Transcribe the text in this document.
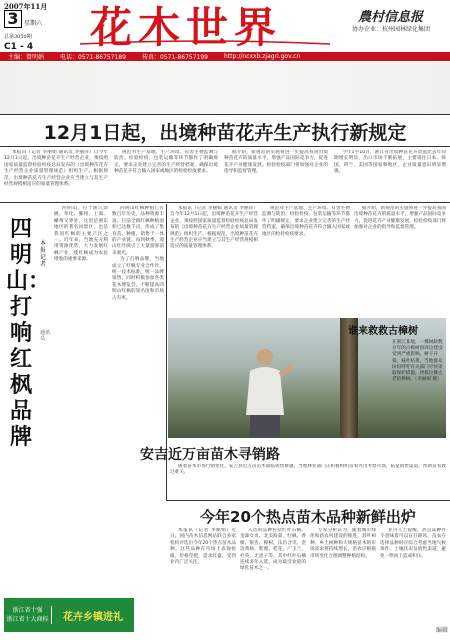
2007年11月
3 星期六
总第3050期
C1 - 4 花木世界	農村信息报
协办企业：杭州园林绿化集团
主编：曾明娟	电话：0571-86757189	传真：0571-86757199	http://ncxxb.zjagri.gov.cn
12月1日起，出境种苗花卉生产执行新规定

本报讯（记者 李丽娟 通讯员 李丽萍）自今年12月1日起，出境种苗花卉生产经营企业，须按照国家质量监督检验检疫总局发布的《出境种苗花卉生产经营企业质量管理规范》组织生产。根据规范，出境种苗花卉生产经营企业应当建立与其生产经营规模相适应的质量管理体系。

规范对生产基地、生产环境、有害生物监测与防治、检验检疫、包装运输等环节都作了明确规定，要求企业建立完善的生产经营档案，确保出境种苗花卉符合输入国家或地区的检验检疫要求。

据介绍，新规范的实施将进一步提高我国出境种苗花卉的质量水平，增强产品国际竞争力，促进花卉产业健康发展。检验检疫部门将加强对企业的指导和监督管理。

今年1至10月，浙江省出境种苗花卉货值比去年同期增长明显，出口市场不断拓展，主要销往日本、韩国、荷兰、美国等国家和地区，企业质量意识明显增强。

四明山：打响红枫品牌
本报记者
通讯员

四明山，位于浙江余姚、奉化、鄞州、上虞、嵊州交界处，这里是浙东地区的著名风景区，也是我国红枫的主要产区之一。近年来，当地充分利用资源优势，大力发展红枫产业，使红枫成为农民增收的重要来源。

四明山红枫种植已有数百年历史，品种资源丰富。目前全镇红枫种植面积已达数千亩，形成了集育苗、种植、销售于一体的产业链。每到秋季，漫山红叶吸引了大量游客前来观光。

为了打响品牌，当地成立了红枫专业合作社，统一技术标准，统一品牌销售。同时积极参加各类花木博览会，不断提高四明山红枫的知名度和市场占有率。

本报讯（记者 李丽娟 通讯员 李丽萍）自今年12月1日起，出境种苗花卉生产经营企业，须按照国家质量监督检验检疫总局发布的《出境种苗花卉生产经营企业质量管理规范》组织生产。根据规范，出境种苗花卉生产经营企业应当建立与其生产经营规模相适应的质量管理体系。

规范对生产基地、生产环境、有害生物监测与防治、检验检疫、包装运输等环节都作了明确规定，要求企业建立完善的生产经营档案，确保出境种苗花卉符合输入国家或地区的检验检疫要求。

据介绍，新规范的实施将进一步提高我国出境种苗花卉的质量水平，增强产品国际竞争力，促进花卉产业健康发展。检验检疫部门将加强对企业的指导和监督管理。

谁来救救古樟树
在浙江某地，一棵树龄数百年的古樟树因周边建设受到严重影响，树干开裂、枝叶枯黄。当地群众纷纷呼吁有关部门尽快采取保护措施，拯救这棵古老的樟树。（李丽娟 摄）
安吉近万亩苗木寻销路

随着苗木市场行情变化，安吉县近万亩苗木面临销售难题。当地林业部门正积极组织苗农外出考察市场，拓宽销售渠道，帮助苗农渡过难关。

今年20个热点苗木品种新鲜出炉

本报讯（记者 李丽娟）近日，国内苗木信息网站联合多家机构评选出今年20个热点苗木品种。这些品种在市场上表现抢眼，价格坚挺，需求旺盛，受到业内广泛关注。

入选的品种包括红叶石楠、金森女贞、北美海棠、红枫、香樟、银杏、榉树、乐昌含笑、金边黄杨、紫薇、桂花、广玉兰、杜英、无患子等。其中红叶石楠连续多年入选，成为最受欢迎的绿化苗木之一。

专家分析认为，随着城市绿化和新农村建设的推进，彩叶树种、乡土树种和大规格苗木的市场需求将持续增长，苗农应根据市场变化合理调整种植结构。

业内人士提醒，热点品种并不意味着可以盲目跟风，苗农在选择品种时应综合考虑当地气候条件、土壤状况及销售渠道，避免一哄而上造成积压。

浙江省十强
浙江省十大商标	花卉乡镇进礼
编辑
